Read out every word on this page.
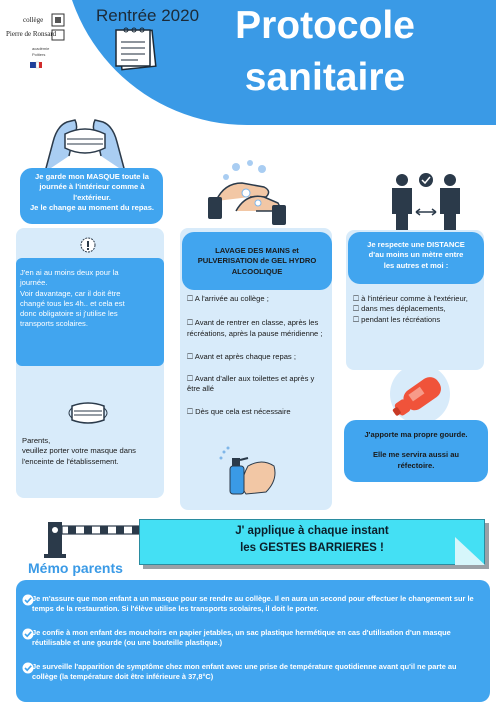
collège
Pierre de Ronsard
académie
Poitiers
Rentrée 2020 Protocole
sanitaire
Je garde mon MASQUE toute la
journée à l'intérieur comme à
l'extérieur.
Je le change au moment du repas.
J'en ai au moins deux pour la
journée.
Voir davantage, car il doit être
changé tous les 4h.. et cela est
donc obligatoire si j'utilise les
transports scolaires.
Parents,
veuillez porter votre masque dans
l'enceinte de l'établissement.
LAVAGE DES MAINS et
PULVERISATION de GEL HYDRO
ALCOOLIQUE
🞎 A l'arrivée au collège ;
🞎 Avant de rentrer en classe, après les récréations, après la pause méridienne ;
🞎 Avant et après chaque repas ;
🞎 Avant d'aller aux toilettes et après y être allé
🞎 Dès que cela est nécessaire
Je respecte une DISTANCE
d'au moins un mètre entre
les autres et moi :
🞎 à l'intérieur comme à l'extérieur,
🞎 dans mes déplacements,
🞎 pendant les récréations
J'apporte ma propre gourde.
Elle me servira aussi au
réfectoire.
J' applique à chaque instant
les GESTES BARRIERES !
Mémo parents
Je m'assure que mon enfant a un masque pour se rendre au collège. Il en aura un second pour effectuer le changement sur le temps de la restauration. Si l'élève utilise les transports scolaires, il doit le porter.
Je confie à mon enfant des mouchoirs en papier jetables, un sac plastique hermétique en cas d'utilisation d'un masque réutilisable et une gourde (ou une bouteille plastique.)
Je surveille l'apparition de symptôme chez mon enfant avec une prise de température quotidienne avant qu'il ne parte au collège (la température doit être inférieure à 37,8°C)
